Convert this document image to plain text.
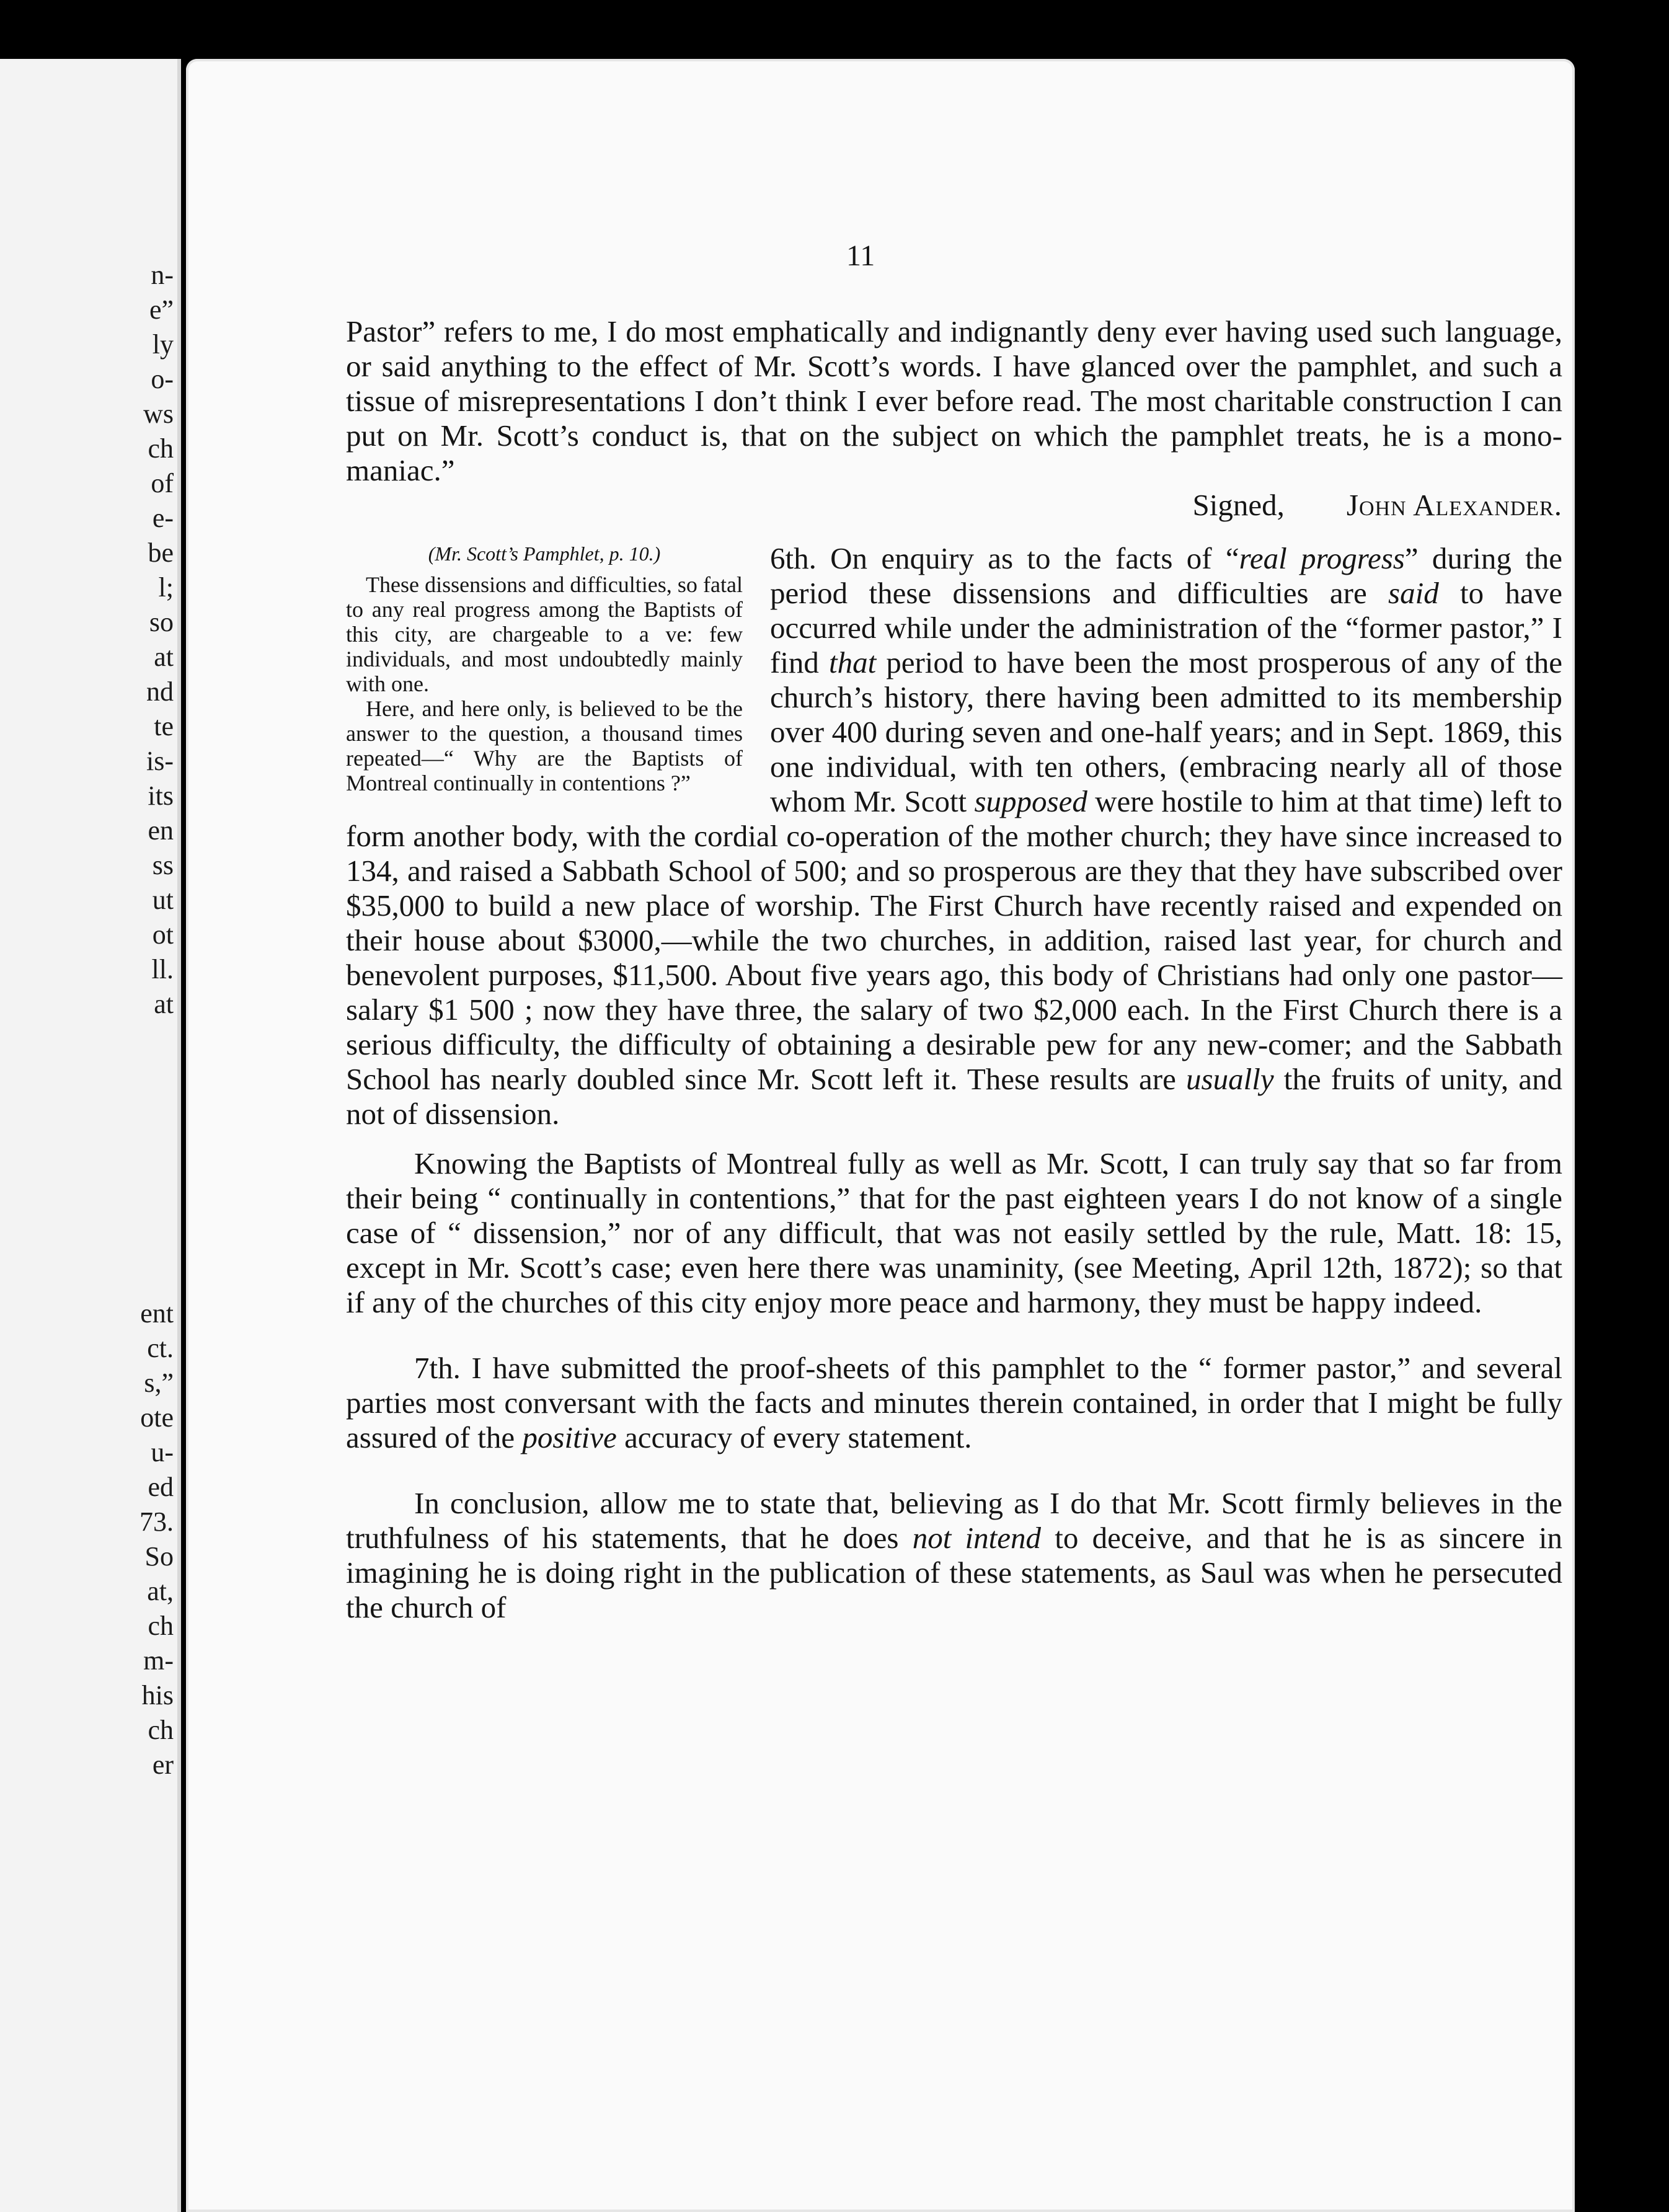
n-
e”
ly
o-
ws
ch
of
e-
be
l;
so
at
nd
te
is-
its
en
ss
ut
ot
ll.
at
ent
ct.
s,”
ote
u-
ed
73.
So
at,
ch
m-
his
ch
er
11

Pastor” refers to me, I do most emphatically and indignantly deny ever having used such language, or said anything to the effect of Mr. Scott’s words. I have glanced over the pamphlet, and such a tissue of misrepresentations I don’t think I ever before read. The most charitable construction I can put on Mr. Scott’s conduct is, that on the subject on which the pamphlet treats, he is a mono-maniac.”

Signed, John Alexander.
(Mr. Scott’s Pamphlet, p. 10.)

These dissensions and difficulties, so fatal to any real progress among the Baptists of this city, are chargeable to a ve: few individuals, and most undoubtedly mainly with one.

Here, and here only, is believed to be the answer to the question, a thousand times repeated—“ Why are the Baptists of Montreal continually in contentions ?”

6th. On enquiry as to the facts of “real progress” during the period these dissensions and difficulties are said to have occurred while under the administration of the “former pastor,” I find that period to have been the most prosperous of any of the church’s history, there having been admitted to its membership over 400 during seven and one-half years; and in Sept. 1869, this one individual, with ten others, (embracing nearly all of those whom Mr. Scott supposed were hostile to him at that time) left to form another body, with the cordial co-operation of the mother church; they have since increased to 134, and raised a Sabbath School of 500; and so prosperous are they that they have subscribed over $35,000 to build a new place of worship. The First Church have recently raised and expended on their house about $3000,—while the two churches, in addition, raised last year, for church and benevolent purposes, $11,500. About five years ago, this body of Christians had only one pastor—salary $1 500 ; now they have three, the salary of two $2,000 each. In the First Church there is a serious difficulty, the difficulty of obtaining a desirable pew for any new-comer; and the Sabbath School has nearly doubled since Mr. Scott left it. These results are usually the fruits of unity, and not of dissension.

Knowing the Baptists of Montreal fully as well as Mr. Scott, I can truly say that so far from their being “ continually in contentions,” that for the past eighteen years I do not know of a single case of “ dissension,” nor of any difficult, that was not easily settled by the rule, Matt. 18: 15, except in Mr. Scott’s case; even here there was unaminity, (see Meeting, April 12th, 1872); so that if any of the churches of this city enjoy more peace and harmony, they must be happy indeed.

7th. I have submitted the proof-sheets of this pamphlet to the “ former pastor,” and several parties most conversant with the facts and minutes therein contained, in order that I might be fully assured of the positive accuracy of every statement.

In conclusion, allow me to state that, believing as I do that Mr. Scott firmly believes in the truthfulness of his statements, that he does not intend to deceive, and that he is as sincere in imagining he is doing right in the publication of these statements, as Saul was when he persecuted the church of
